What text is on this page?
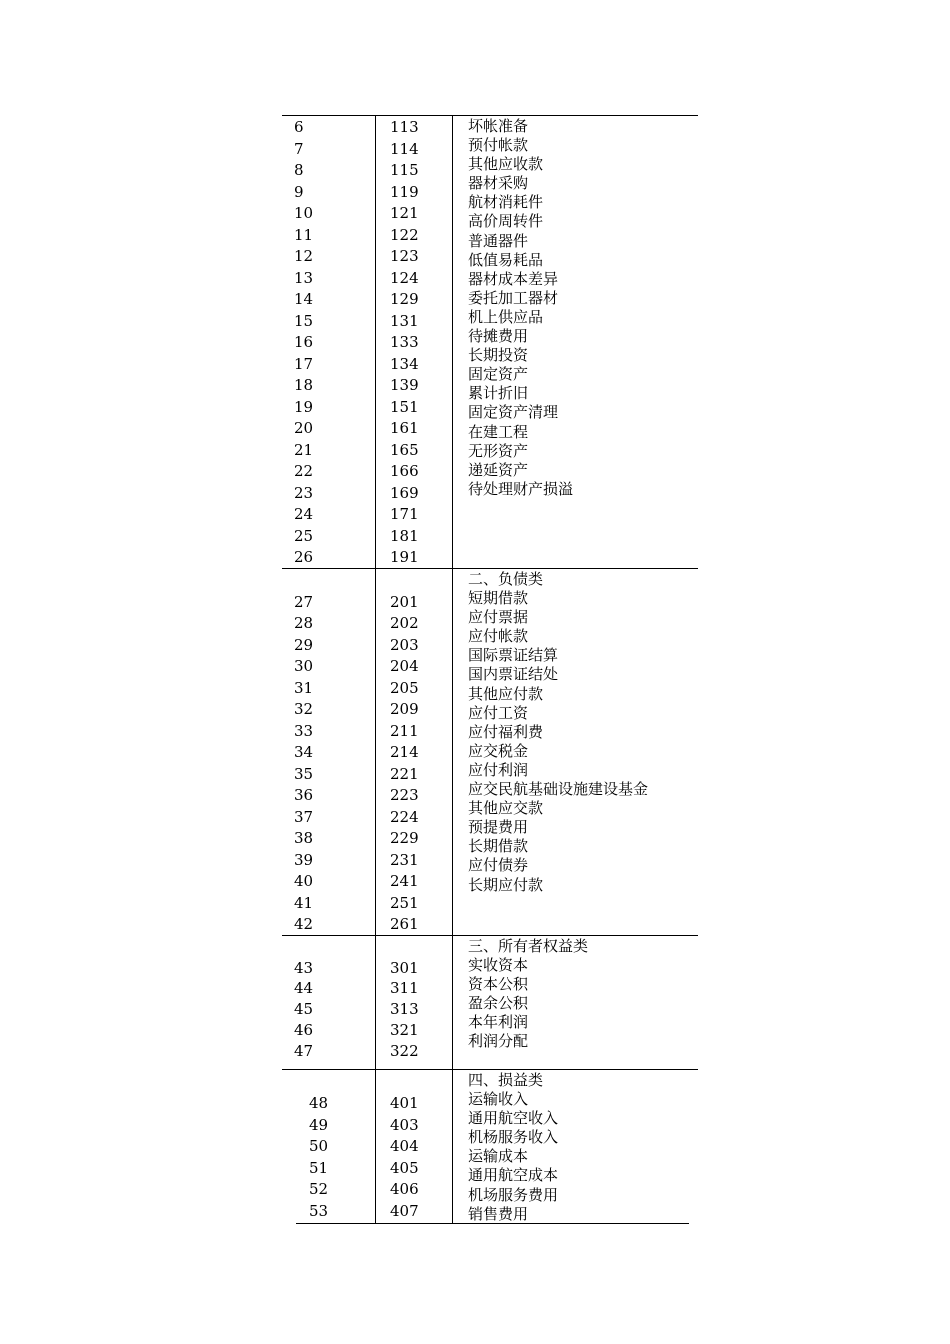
6
7
8
9
10
11
12
13
14
15
16
17
18
19
20
21
22
23
24
25
26
113
114
115
119
121
122
123
124
129
131
133
134
139
151
161
165
166
169
171
181
191
坏帐准备
预付帐款
其他应收款
器材采购
航材消耗件
高价周转件
普通器件
低值易耗品
器材成本差异
委托加工器材
机上供应品
待摊费用
长期投资
固定资产
累计折旧
固定资产清理
在建工程
无形资产
递延资产
待处理财产损溢
27
28
29
30
31
32
33
34
35
36
37
38
39
40
41
42
201
202
203
204
205
209
211
214
221
223
224
229
231
241
251
261
二、负债类
短期借款
应付票据
应付帐款
国际票证结算
国内票证结处
其他应付款
应付工资
应付福利费
应交税金
应付利润
应交民航基础设施建设基金
其他应交款
预提费用
长期借款
应付债券
长期应付款
43
44
45
46
47
301
311
313
321
322
三、所有者权益类
实收资本
资本公积
盈余公积
本年利润
利润分配
48
49
50
51
52
53
401
403
404
405
406
407
四、损益类
运输收入
通用航空收入
机杨服务收入
运输成本
通用航空成本
机场服务费用
销售费用
